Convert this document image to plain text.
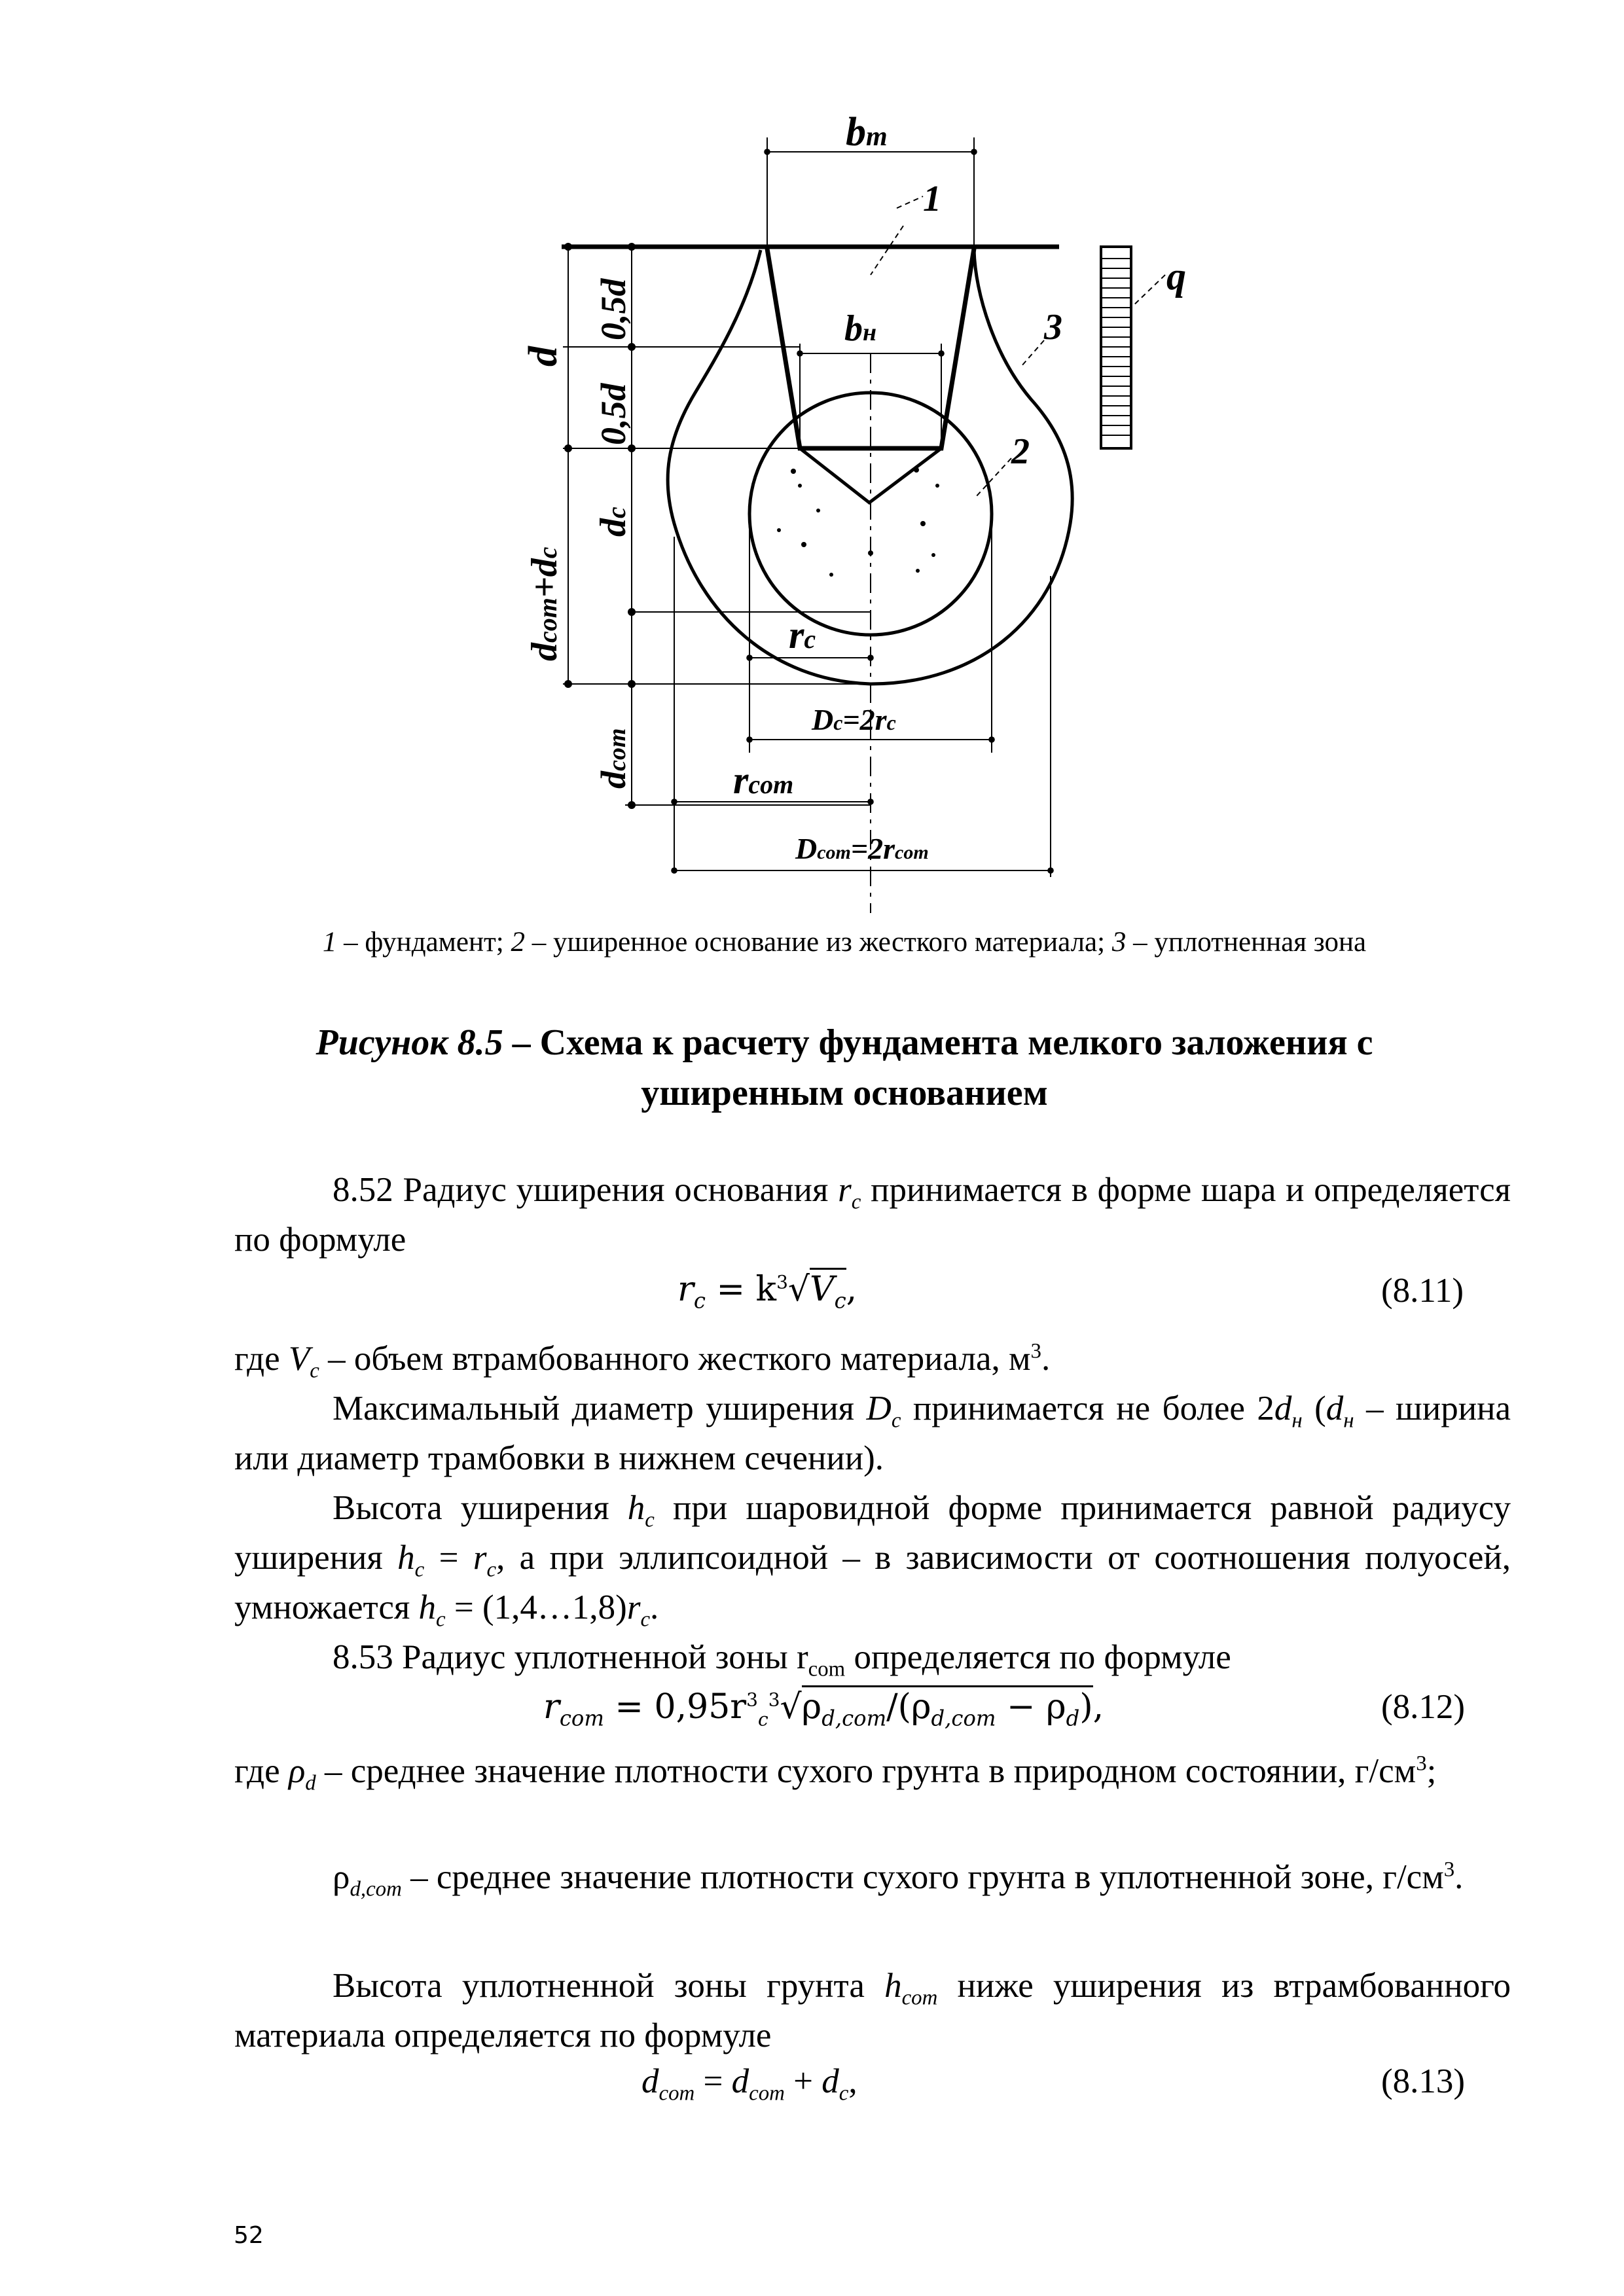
bm
1
q
3
bн
2
rc
Dc=2rc
rcom
Dcom=2rcom
d
0,5d
0,5d
dcom+dc
dc
dcom
1 – фундамент; 2 – уширенное основание из жесткого материала; 3 – уплотненная зона
Рисунок 8.5 – Схема к расчету фундамента мелкого заложения с уширенным основанием
8.52 Радиус уширения основания $r_c$ принимается в форме шара и определяется по формуле
$r_c = k^3√V_c$,	(8.11)
где $V_c$ – объем втрамбованного жесткого материала, $м^3$.
Максимальный диаметр уширения $D_c$ принимается не более $2d_н$ ($d_н$ – ширина или диаметр трамбовки в нижнем сечении).
Высота уширения $h_c$ при шаровидной форме принимается равной радиусу уширения $h_c = r_c$, а при эллипсоидной – в зависимости от соотношения полуосей, умножается $h_c$ = $(1,4\dots 1,8)r_c$.
8.53 Радиус уплотненной зоны $r_{com}$ определяется по формуле
$r_{com} = 0,95r^3_c^3√\rho_{d,com}/(\rho_{d,com} - \rho_d)$,	(8.12)
где $\rho_d$ – среднее значение плотности сухого грунта в природном состоянии, $г/см^3$;
$\rho_{d,com}$ – среднее значение плотности сухого грунта в уплотненной зоне, $г/см^3$.
Высота уплотненной зоны грунта $h_{com}$ ниже уширения из втрамбованного материала определяется по формуле
$d_{com} = d_{com} + d_c$,	(8.13)
52
